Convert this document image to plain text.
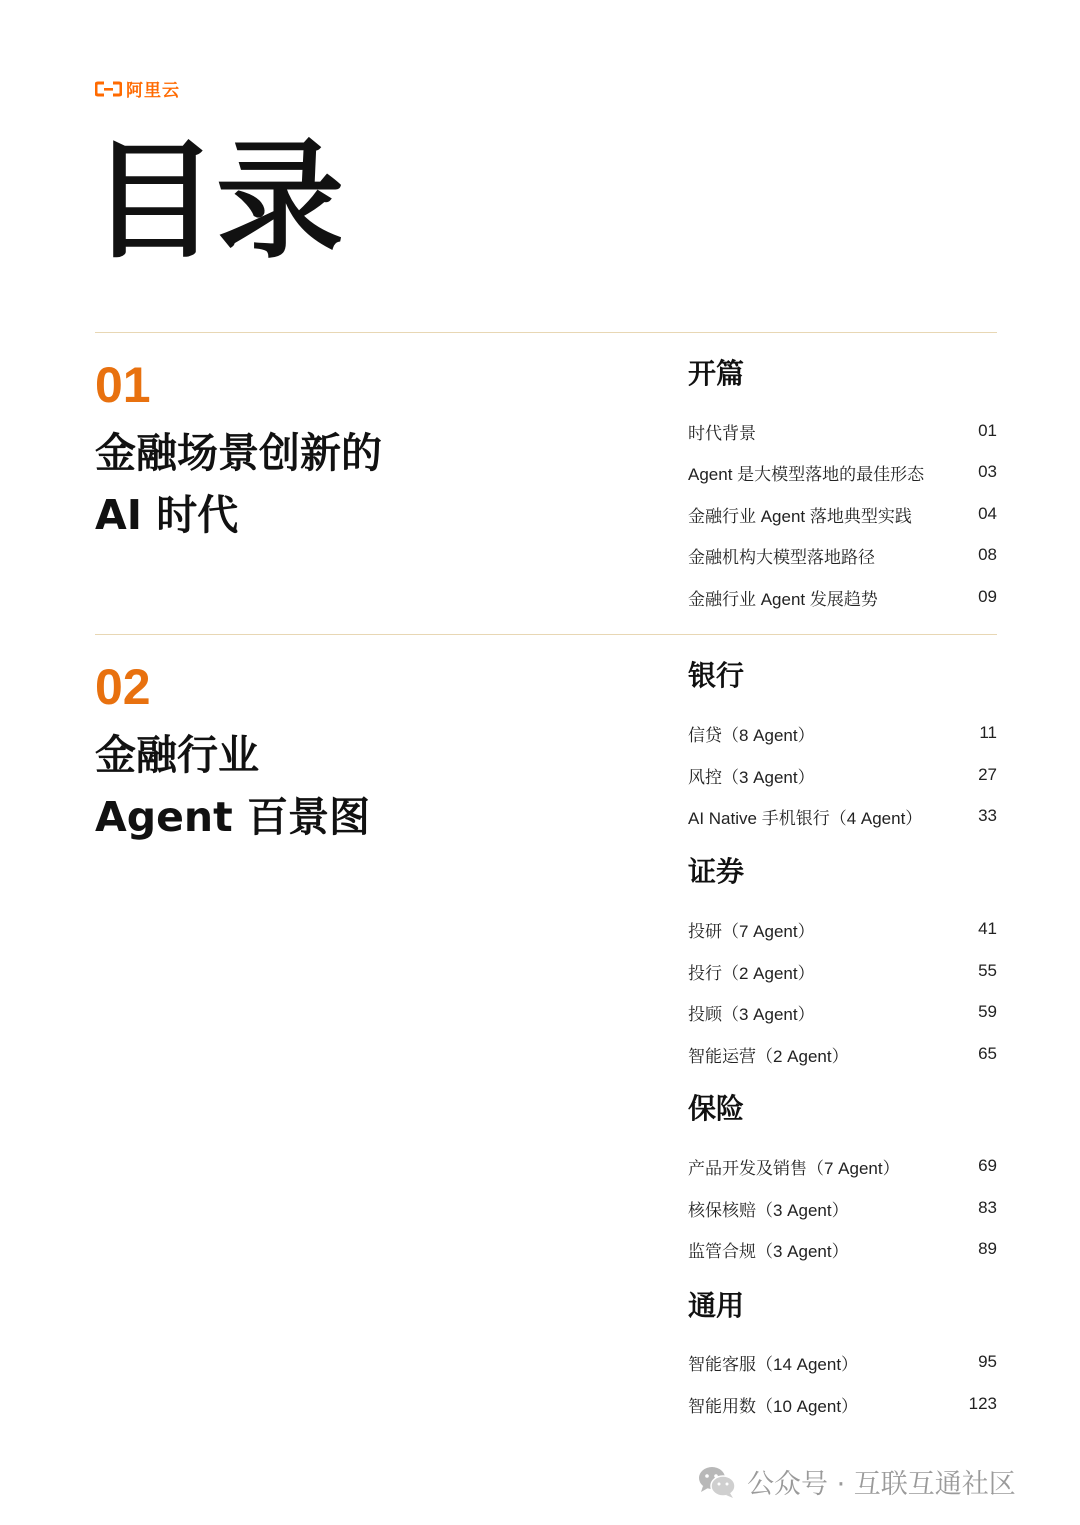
阿里云
目录
01
金融场景创新的
AI 时代
02
金融行业
Agent 百景图
开篇
时代背景	01
Agent 是大模型落地的最佳形态	03
金融行业 Agent 落地典型实践	04
金融机构大模型落地路径	08
金融行业 Agent 发展趋势	09
银行
信贷（8 Agent）	11
风控（3 Agent）	27
AI Native 手机银行（4 Agent）	33
证券
投研（7 Agent）	41
投行（2 Agent）	55
投顾（3 Agent）	59
智能运营（2 Agent）	65
保险
产品开发及销售（7 Agent）	69
核保核赔（3 Agent）	83
监管合规（3 Agent）	89
通用
智能客服（14 Agent）	95
智能用数（10 Agent）	123
公众号 · 互联互通社区
